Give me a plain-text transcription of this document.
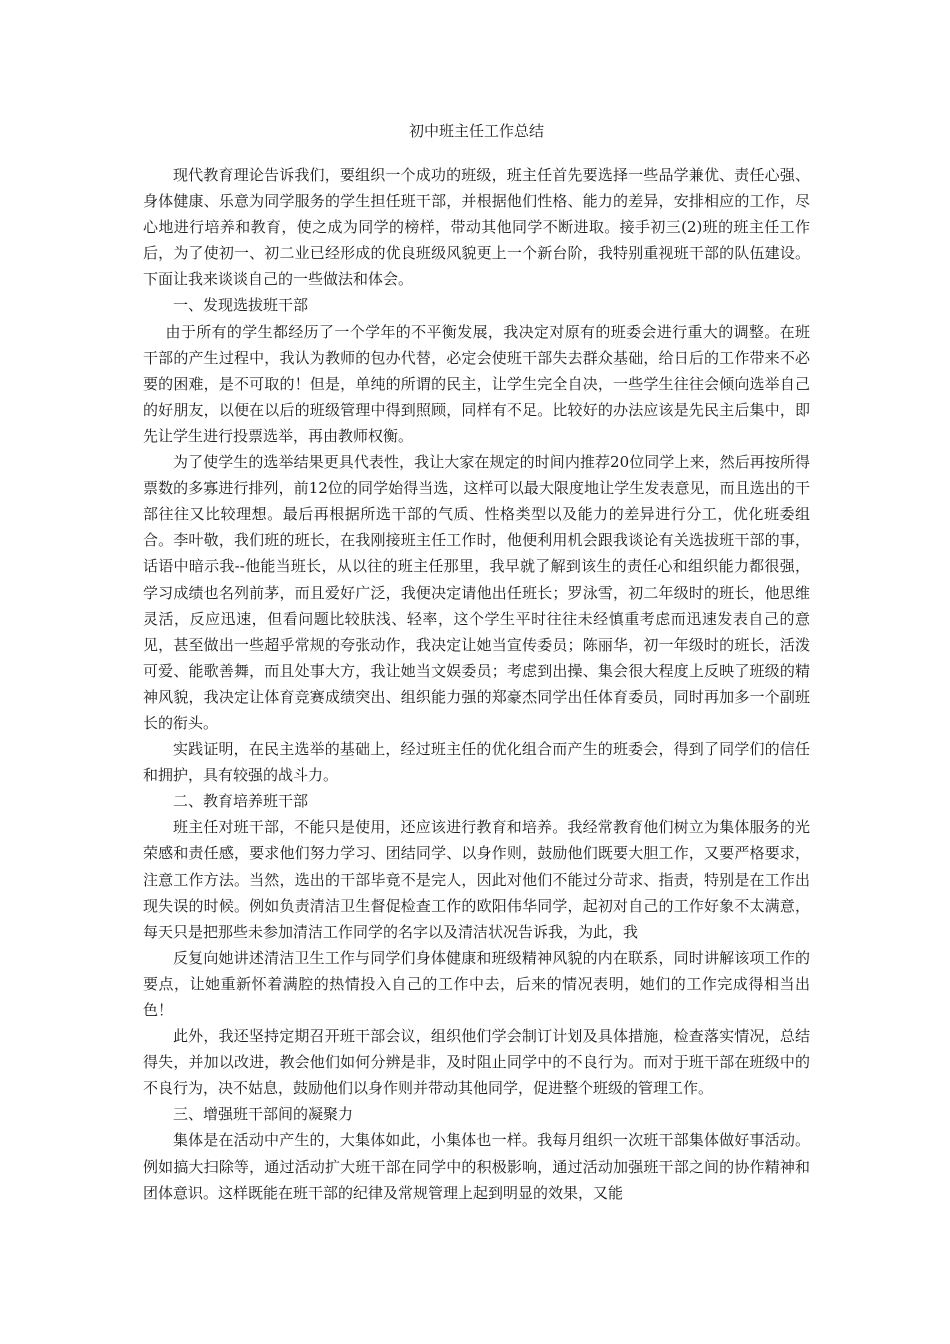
初中班主任工作总结

现代教育理论告诉我们，要组织一个成功的班级，班主任首先要选择一些品学兼优、责任心强、身体健康、乐意为同学服务的学生担任班干部，并根据他们性格、能力的差异，安排相应的工作，尽心地进行培养和教育，使之成为同学的榜样，带动其他同学不断进取。接手初三(2)班的班主任工作后，为了使初一、初二业已经形成的优良班级风貌更上一个新台阶，我特别重视班干部的队伍建设。下面让我来谈谈自己的一些做法和体会。

一、发现选拔班干部

由于所有的学生都经历了一个学年的不平衡发展，我决定对原有的班委会进行重大的调整。在班干部的产生过程中，我认为教师的包办代替，必定会使班干部失去群众基础，给日后的工作带来不必要的困难，是不可取的！但是，单纯的所谓的民主，让学生完全自决，一些学生往往会倾向选举自己的好朋友，以便在以后的班级管理中得到照顾，同样有不足。比较好的办法应该是先民主后集中，即先让学生进行投票选举，再由教师权衡。

为了使学生的选举结果更具代表性，我让大家在规定的时间内推荐20位同学上来，然后再按所得票数的多寡进行排列，前12位的同学始得当选，这样可以最大限度地让学生发表意见，而且选出的干部往往又比较理想。最后再根据所选干部的气质、性格类型以及能力的差异进行分工，优化班委组合。李叶敬，我们班的班长，在我刚接班主任工作时，他便利用机会跟我谈论有关选拔班干部的事，话语中暗示我--他能当班长，从以往的班主任那里，我早就了解到该生的责任心和组织能力都很强，学习成绩也名列前茅，而且爱好广泛，我便决定请他出任班长；罗泳雪，初二年级时的班长，他思维灵活，反应迅速，但看问题比较肤浅、轻率，这个学生平时往往未经慎重考虑而迅速发表自己的意见，甚至做出一些超乎常规的夸张动作，我决定让她当宣传委员；陈丽华，初一年级时的班长，活泼可爱、能歌善舞，而且处事大方，我让她当文娱委员；考虑到出操、集会很大程度上反映了班级的精神风貌，我决定让体育竞赛成绩突出、组织能力强的郑豪杰同学出任体育委员，同时再加多一个副班长的衔头。

实践证明，在民主选举的基础上，经过班主任的优化组合而产生的班委会，得到了同学们的信任和拥护，具有较强的战斗力。

二、教育培养班干部

班主任对班干部，不能只是使用，还应该进行教育和培养。我经常教育他们树立为集体服务的光荣感和责任感，要求他们努力学习、团结同学、以身作则，鼓励他们既要大胆工作，又要严格要求，注意工作方法。当然，选出的干部毕竟不是完人，因此对他们不能过分苛求、指责，特别是在工作出现失误的时候。例如负责清洁卫生督促检查工作的欧阳伟华同学，起初对自己的工作好象不太满意，每天只是把那些未参加清洁工作同学的名字以及清洁状况告诉我，为此，我

反复向她讲述清洁卫生工作与同学们身体健康和班级精神风貌的内在联系，同时讲解该项工作的要点，让她重新怀着满腔的热情投入自己的工作中去，后来的情况表明，她们的工作完成得相当出色！

此外，我还坚持定期召开班干部会议，组织他们学会制订计划及具体措施，检查落实情况，总结得失，并加以改进，教会他们如何分辨是非，及时阻止同学中的不良行为。而对于班干部在班级中的不良行为，决不姑息，鼓励他们以身作则并带动其他同学，促进整个班级的管理工作。

三、增强班干部间的凝聚力

集体是在活动中产生的，大集体如此，小集体也一样。我每月组织一次班干部集体做好事活动。例如搞大扫除等，通过活动扩大班干部在同学中的积极影响，通过活动加强班干部之间的协作精神和团体意识。这样既能在班干部的纪律及常规管理上起到明显的效果，又能
